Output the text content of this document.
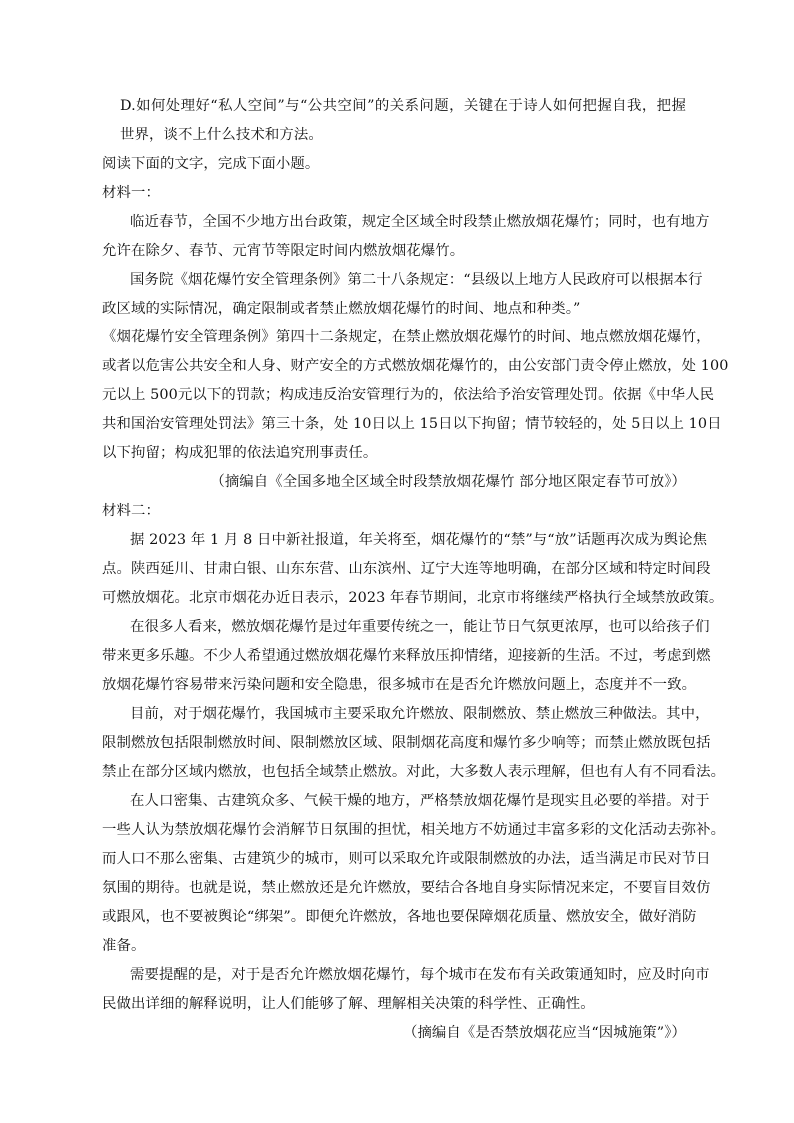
D.如何处理好“私人空间”与“公共空间”的关系问题，关键在于诗人如何把握自我，把握
世界，谈不上什么技术和方法。
阅读下面的文字，完成下面小题。
材料一：
临近春节，全国不少地方出台政策，规定全区域全时段禁止燃放烟花爆竹；同时，也有地方
允许在除夕、春节、元宵节等限定时间内燃放烟花爆竹。
国务院《烟花爆竹安全管理条例》第二十八条规定：“县级以上地方人民政府可以根据本行
政区域的实际情况，确定限制或者禁止燃放烟花爆竹的时间、地点和种类。”
《烟花爆竹安全管理条例》第四十二条规定，在禁止燃放烟花爆竹的时间、地点燃放烟花爆竹，
或者以危害公共安全和人身、财产安全的方式燃放烟花爆竹的，由公安部门责令停止燃放，处 100
元以上 500元以下的罚款；构成违反治安管理行为的，依法给予治安管理处罚。依据《中华人民
共和国治安管理处罚法》第三十条，处 10日以上 15日以下拘留；情节较轻的，处 5日以上 10日
以下拘留；构成犯罪的依法追究刑事责任。
（摘编自《全国多地全区域全时段禁放烟花爆竹 部分地区限定春节可放》）
材料二：
据 2023 年 1 月 8 日中新社报道，年关将至，烟花爆竹的“禁”与“放”话题再次成为舆论焦
点。陕西延川、甘肃白银、山东东营、山东滨州、辽宁大连等地明确，在部分区域和特定时间段
可燃放烟花。北京市烟花办近日表示，2023 年春节期间，北京市将继续严格执行全域禁放政策。
在很多人看来，燃放烟花爆竹是过年重要传统之一，能让节日气氛更浓厚，也可以给孩子们
带来更多乐趣。不少人希望通过燃放烟花爆竹来释放压抑情绪，迎接新的生活。不过，考虑到燃
放烟花爆竹容易带来污染问题和安全隐患，很多城市在是否允许燃放问题上，态度并不一致。
目前，对于烟花爆竹，我国城市主要采取允许燃放、限制燃放、禁止燃放三种做法。其中，
限制燃放包括限制燃放时间、限制燃放区域、限制烟花高度和爆竹多少响等；而禁止燃放既包括
禁止在部分区域内燃放，也包括全域禁止燃放。对此，大多数人表示理解，但也有人有不同看法。
在人口密集、古建筑众多、气候干燥的地方，严格禁放烟花爆竹是现实且必要的举措。对于
一些人认为禁放烟花爆竹会消解节日氛围的担忧，相关地方不妨通过丰富多彩的文化活动去弥补。
而人口不那么密集、古建筑少的城市，则可以采取允许或限制燃放的办法，适当满足市民对节日
氛围的期待。也就是说，禁止燃放还是允许燃放，要结合各地自身实际情况来定，不要盲目效仿
或跟风，也不要被舆论“绑架”。即便允许燃放，各地也要保障烟花质量、燃放安全，做好消防
准备。
需要提醒的是，对于是否允许燃放烟花爆竹，每个城市在发布有关政策通知时，应及时向市
民做出详细的解释说明，让人们能够了解、理解相关决策的科学性、正确性。
（摘编自《是否禁放烟花应当“因城施策”》）
